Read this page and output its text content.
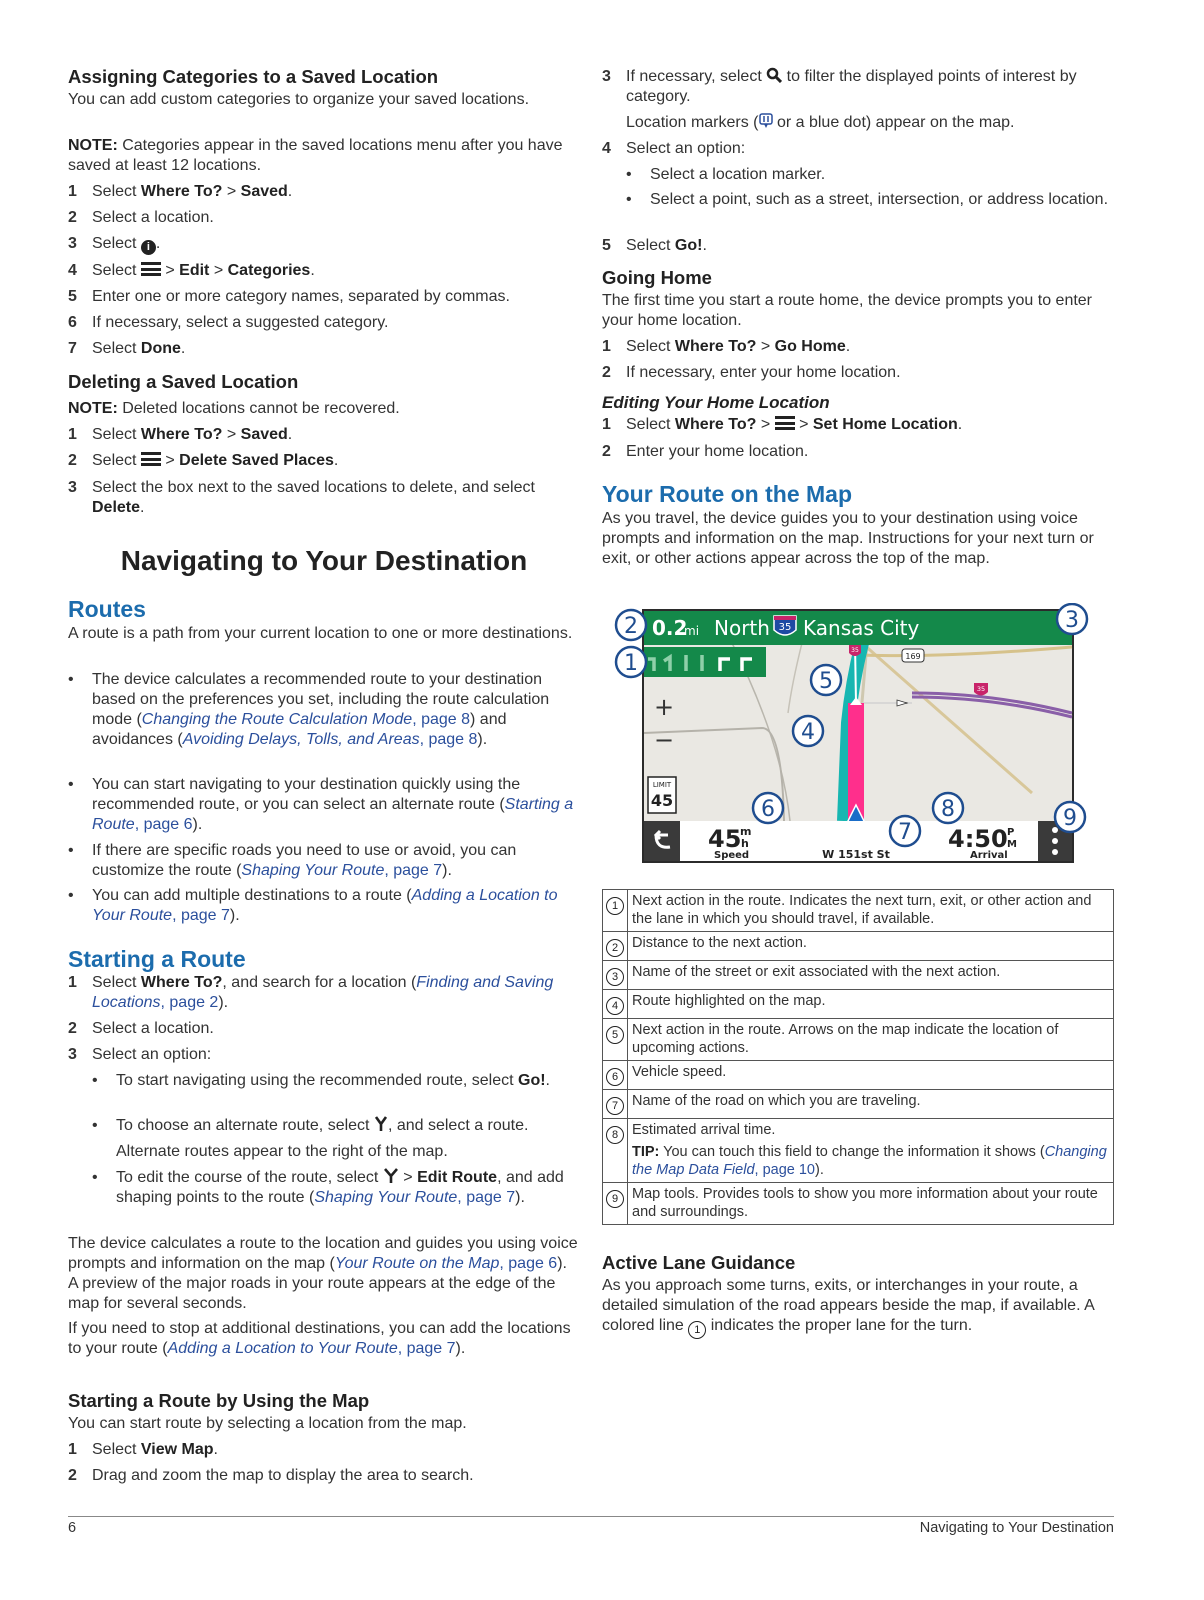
Assigning Categories to a Saved Location

You can add custom categories to organize your saved locations.

NOTE: Categories appear in the saved locations menu after you have saved at least 12 locations.

1 Select Where To? > Saved.
2 Select a location.
3 Select i .
4 Select
> Edit > Categories.
5 Enter one or more category names, separated by commas.
6 If necessary, select a suggested category.
7 Select Done.
Deleting a Saved Location

NOTE: Deleted locations cannot be recovered.

1 Select Where To? > Saved.
2 Select
> Delete Saved Places.
3 Select the box next to the saved locations to delete, and select Delete.
Navigating to Your Destination
Routes

A route is a path from your current location to one or more destinations.

• The device calculates a recommended route to your destination based on the preferences you set, including the route calculation mode (Changing the Route Calculation Mode, page 8) and avoidances (Avoiding Delays, Tolls, and Areas, page 8).
• You can start navigating to your destination quickly using the recommended route, or you can select an alternate route (Starting a Route, page 6).
• If there are specific roads you need to use or avoid, you can customize the route (Shaping Your Route, page 7).
• You can add multiple destinations to a route (Adding a Location to Your Route, page 7).
Starting a Route
1 Select Where To?, and search for a location (Finding and Saving Locations, page 2).
2 Select a location.
3 Select an option:
• To start navigating using the recommended route, select Go!.
• To choose an alternate route, select , and select a route.

Alternate routes appear to the right of the map.

• To edit the course of the route, select  > Edit Route, and add shaping points to the route (Shaping Your Route, page 7).

The device calculates a route to the location and guides you using voice prompts and information on the map (Your Route on the Map, page 6). A preview of the major roads in your route appears at the edge of the map for several seconds.

If you need to stop at additional destinations, you can add the locations to your route (Adding a Location to Your Route, page 7).

Starting a Route by Using the Map

You can start route by selecting a location from the map.

1 Select View Map.
2 Drag and zoom the map to display the area to search.
3 If necessary, select  to filter the displayed points of interest by category.

Location markers ( or a blue dot) appear on the map.

4 Select an option:
• Select a location marker.
• Select a point, such as a street, intersection, or address location.
5 Select Go!.
Going Home

The first time you start a route home, the device prompts you to enter your home location.

1 Select Where To? > Go Home.
2 If necessary, enter your home location.
Editing Your Home Location
1 Select Where To? >
> Set Home Location.
2 Enter your home location.
Your Route on the Map

As you travel, the device guides you to your destination using voice prompts and information on the map. Instructions for your next turn or exit, or other actions appear across the top of the map.

Active Lane Guidance

As you approach some turns, exits, or interchanges in your route, a detailed simulation of the road appears beside the map, if available. A colored line 1 indicates the proper lane for the turn.

35
169
35
0.2
mi North 35 Kansas City
+
−
LIMIT
45
45
m
h
Speed	W 151st St
4:50 P
M
Arrival
1
2	3
4
5
6
7
8	9
1	Next action in the route. Indicates the next turn, exit, or other action and the lane in which you should travel, if available.
2	Distance to the next action.
3	Name of the street or exit associated with the next action.
4	Route highlighted on the map.
5	Next action in the route. Arrows on the map indicate the location of upcoming actions.
6	Vehicle speed.
7	Name of the road on which you are traveling.
8	Estimated arrival time.
TIP: You can touch this field to change the information it shows (Changing the Map Data Field, page 10).

9	Map tools. Provides tools to show you more information about your route and surroundings.
6	Navigating to Your Destination
